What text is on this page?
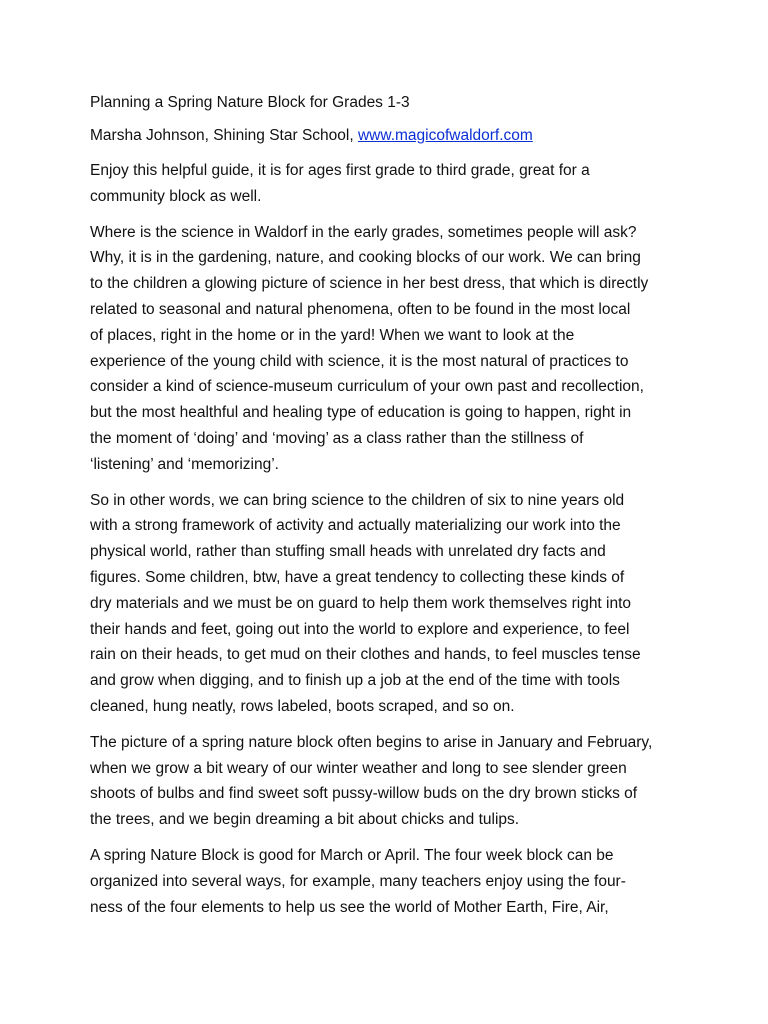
Planning a Spring Nature Block for Grades 1-3
Marsha Johnson, Shining Star School, www.magicofwaldorf.com

Enjoy this helpful guide, it is for ages first grade to third grade, great for a
community block as well.

Where is the science in Waldorf in the early grades, sometimes people will ask?
Why, it is in the gardening, nature, and cooking blocks of our work. We can bring
to the children a glowing picture of science in her best dress, that which is directly
related to seasonal and natural phenomena, often to be found in the most local
of places, right in the home or in the yard! When we want to look at the
experience of the young child with science, it is the most natural of practices to
consider a kind of science-museum curriculum of your own past and recollection,
but the most healthful and healing type of education is going to happen, right in
the moment of ‘doing’ and ‘moving’ as a class rather than the stillness of
‘listening’ and ‘memorizing’.

So in other words, we can bring science to the children of six to nine years old
with a strong framework of activity and actually materializing our work into the
physical world, rather than stuffing small heads with unrelated dry facts and
figures. Some children, btw, have a great tendency to collecting these kinds of
dry materials and we must be on guard to help them work themselves right into
their hands and feet, going out into the world to explore and experience, to feel
rain on their heads, to get mud on their clothes and hands, to feel muscles tense
and grow when digging, and to finish up a job at the end of the time with tools
cleaned, hung neatly, rows labeled, boots scraped, and so on.

The picture of a spring nature block often begins to arise in January and February,
when we grow a bit weary of our winter weather and long to see slender green
shoots of bulbs and find sweet soft pussy-willow buds on the dry brown sticks of
the trees, and we begin dreaming a bit about chicks and tulips.

A spring Nature Block is good for March or April. The four week block can be
organized into several ways, for example, many teachers enjoy using the four-
ness of the four elements to help us see the world of Mother Earth, Fire, Air,
